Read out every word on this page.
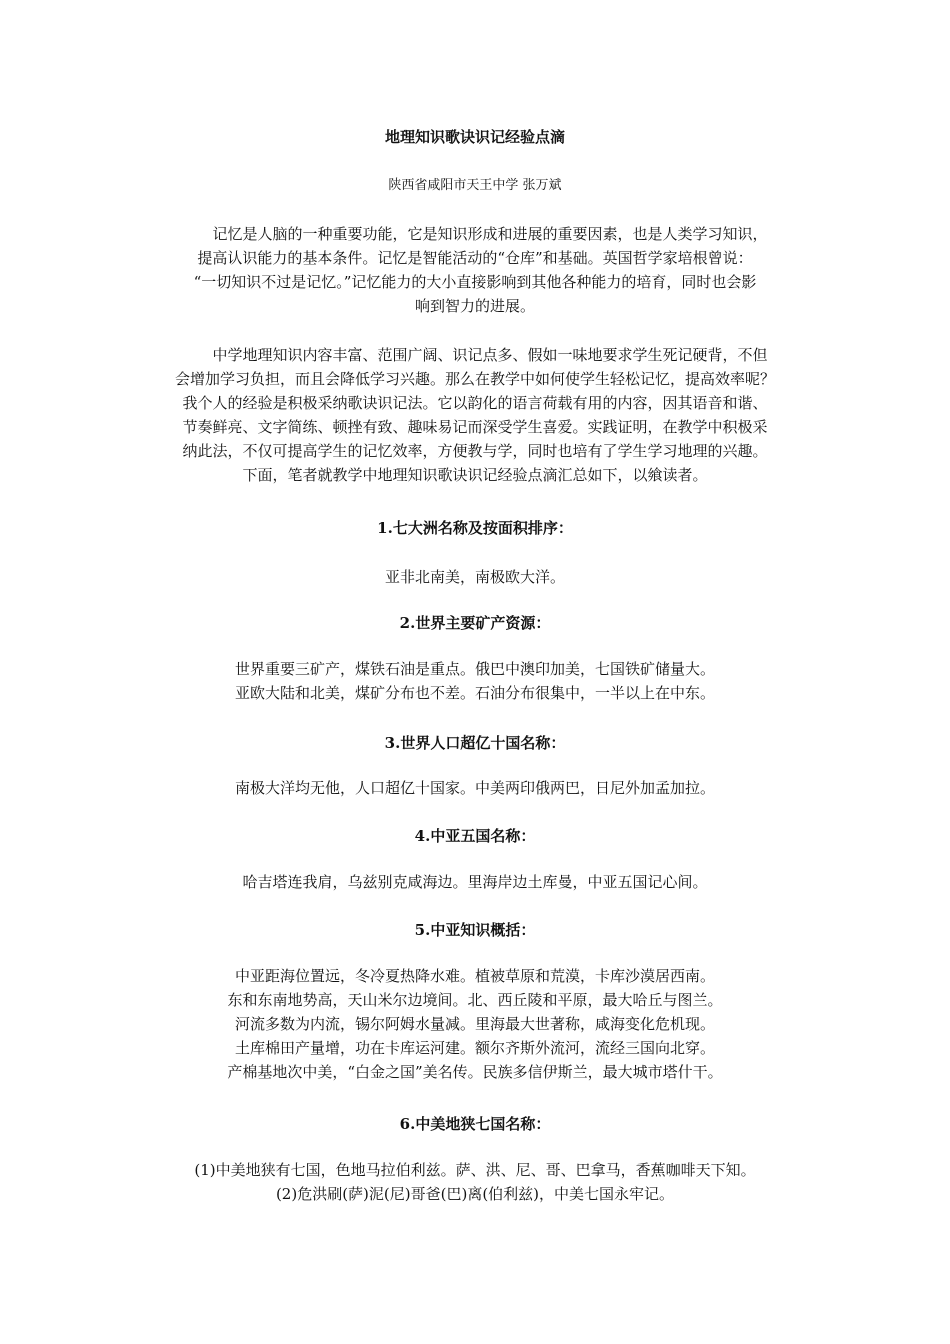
地理知识歌诀识记经验点滴
陕西省咸阳市天王中学 张万斌
　　记忆是人脑的一种重要功能，它是知识形成和进展的重要因素，也是人类学习知识，
提高认识能力的基本条件。记忆是智能活动的“仓库”和基础。英国哲学家培根曾说：
“一切知识不过是记忆。”记忆能力的大小直接影响到其他各种能力的培育，同时也会影
响到智力的进展。
　　中学地理知识内容丰富、范围广阔、识记点多、假如一味地要求学生死记硬背，不但
会增加学习负担，而且会降低学习兴趣。那么在教学中如何使学生轻松记忆，提高效率呢？
我个人的经验是积极采纳歌诀识记法。它以韵化的语言荷载有用的内容，因其语音和谐、
节奏鲜亮、文字简练、顿挫有致、趣味易记而深受学生喜爱。实践证明，在教学中积极采
纳此法，不仅可提高学生的记忆效率，方便教与学，同时也培有了学生学习地理的兴趣。
下面，笔者就教学中地理知识歌诀识记经验点滴汇总如下，以飨读者。
1.七大洲名称及按面积排序：
亚非北南美，南极欧大洋。
2.世界主要矿产资源：
世界重要三矿产，煤铁石油是重点。俄巴中澳印加美，七国铁矿储量大。
亚欧大陆和北美，煤矿分布也不差。石油分布很集中，一半以上在中东。
3.世界人口超亿十国名称：
南极大洋均无他，人口超亿十国家。中美两印俄两巴，日尼外加孟加拉。
4.中亚五国名称：
哈吉塔连我肩，乌兹别克咸海边。里海岸边土库曼，中亚五国记心间。
5.中亚知识概括：
中亚距海位置远，冬冷夏热降水难。植被草原和荒漠，卡库沙漠居西南。
东和东南地势高，天山米尔边境间。北、西丘陵和平原，最大哈丘与图兰。
河流多数为内流，锡尔阿姆水量减。里海最大世著称，咸海变化危机现。
土库棉田产量增，功在卡库运河建。额尔齐斯外流河，流经三国向北穿。
产棉基地次中美，“白金之国”美名传。民族多信伊斯兰，最大城市塔什干。
6.中美地狭七国名称：
(1)中美地狭有七国，色地马拉伯利兹。萨、洪、尼、哥、巴拿马，香蕉咖啡天下知。
(2)危洪刷(萨)泥(尼)哥爸(巴)离(伯利兹)，中美七国永牢记。
